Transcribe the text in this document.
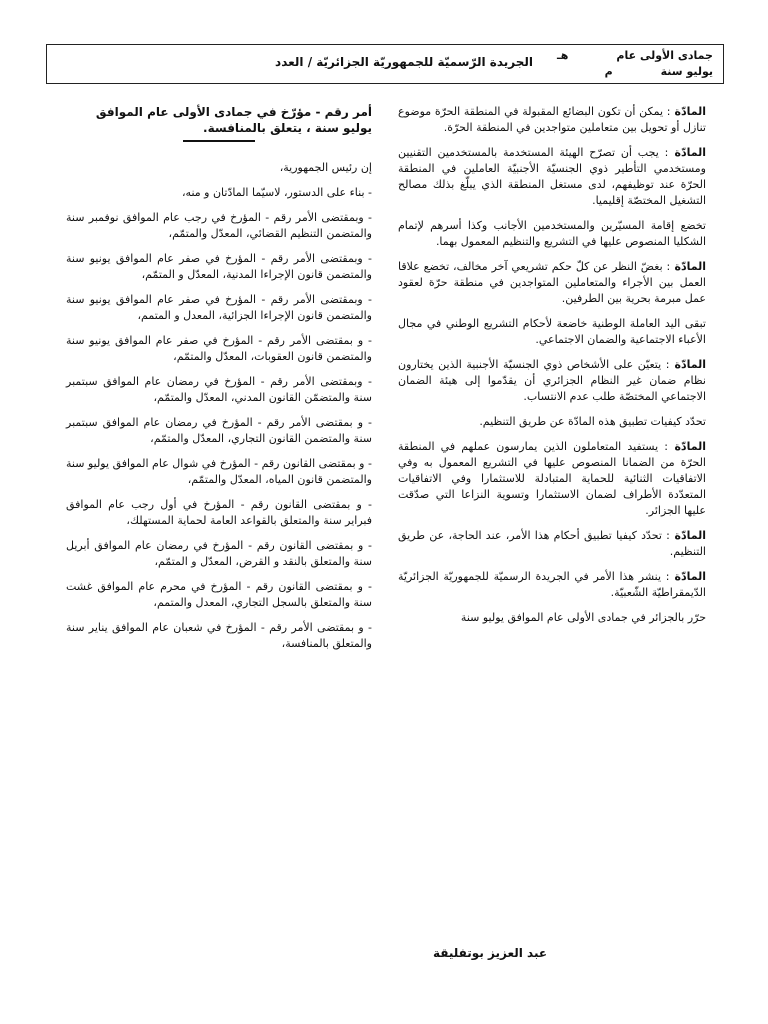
جمادى الأولى عامهـ
يوليو سنةم
الجريدة الرّسميّة للجمهوريّة الجزائريّة / العدد

المادّة : يمكن أن تكون البضائع المقبولة في المنطقة الحرّة موضوع تنازل أو تحويل بين متعاملين متواجدين في المنطقة الحرّة.

المادّة : يجب أن تصرّح الهيئة المستخدمة بالمستخدمين التقنيين ومستخدمي التأطير ذوي الجنسيّة الأجنبيّة العاملين في المنطقة الحرّة عند توظيفهم، لدى مستغل المنطقة الذي يبلّغ بذلك مصالح التشغيل المختصّة إقليميا.

تخضع إقامة المسيّرين والمستخدمين الأجانب وكذا أسرهم لإتمام الشكليا المنصوص عليها في التشريع والتنظيم المعمول بهما.

المادّة : بغضّ النظر عن كلّ حكم تشريعي آخر مخالف، تخضع علاقا العمل بين الأجراء والمتعاملين المتواجدين في منطقة حرّة لعقود عمل مبرمة بحرية بين الطرفين.

تبقى اليد العاملة الوطنية خاضعة لأحكام التشريع الوطني في مجال الأعباء الاجتماعية والضمان الاجتماعي.

المادّة : يتعيّن على الأشخاص ذوي الجنسيّة الأجنبية الذين يختارون نظام ضمان غير النظام الجزائري أن يقدّموا إلى هيئة الضمان الاجتماعي المختصّة طلب عدم الانتساب.

تحدّد كيفيات تطبيق هذه المادّة عن طريق التنظيم.

المادّة : يستفيد المتعاملون الذين يمارسون عملهم في المنطقة الحرّة من الضمانا المنصوص عليها في التشريع المعمول به وفي الاتفاقيات الثنائية للحماية المتبادلة للاستثمارا وفي الاتفاقيات المتعدّدة الأطراف لضمان الاستثمارا وتسوية النزاعا التي صدّقت عليها الجزائر.

المادّة : تحدّد كيفيا تطبيق أحكام هذا الأمر، عند الحاجة، عن طريق التنظيم.

المادّة : ينشر هذا الأمر في الجريدة الرسميّة للجمهوريّة الجزائريّة الدّيمقراطيّة الشّعبيّة.

حرّر بالجزائر في جمادى الأولى عام الموافق يوليو سنة

عبد العزيز بوتفليقة
أمر رقم - مؤرّخ في جمادى الأولى عام الموافق يوليو سنة ، يتعلق بالمنافسة.

إن رئيس الجمهورية،

- بناء على الدستور، لاسيّما المادّتان و منه،

- وبمقتضى الأمر رقم - المؤرخ في رجب عام الموافق نوفمبر سنة والمتضمن التنظيم القضائي، المعدّل والمتمّم،

- وبمقتضى الأمر رقم - المؤرخ في صفر عام الموافق يونيو سنة والمتضمن قانون الإجراءا المدنية، المعدّل و المتمّم،

- وبمقتضى الأمر رقم - المؤرخ في صفر عام الموافق يونيو سنة والمتضمن قانون الإجراءا الجزائية، المعدل و المتمم،

- و بمقتضى الأمر رقم - المؤرخ في صفر عام الموافق يونيو سنة والمتضمن قانون العقوبات، المعدّل والمتمّم،

- وبمقتضى الأمر رقم - المؤرخ في رمضان عام الموافق سبتمبر سنة والمتضمّن القانون المدني، المعدّل والمتمّم،

- و بمقتضى الأمر رقم - المؤرخ في رمضان عام الموافق سبتمبر سنة والمتضمن القانون التجاري، المعدّل والمتمّم،

- و بمقتضى القانون رقم - المؤرخ في شوال عام الموافق يوليو سنة والمتضمن قانون المياه، المعدّل والمتمّم،

- و بمقتضى القانون رقم - المؤرخ في أول رجب عام الموافق فبراير سنة والمتعلق بالقواعد العامة لحماية المستهلك،

- و بمقتضى القانون رقم - المؤرخ في رمضان عام الموافق أبريل سنة والمتعلق بالنقد و القرض، المعدّل و المتمّم،

- و بمقتضى القانون رقم - المؤرخ في محرم عام الموافق غشت سنة والمتعلق بالسجل التجاري، المعدل والمتمم،

- و بمقتضى الأمر رقم - المؤرخ في شعبان عام الموافق يناير سنة والمتعلق بالمنافسة،
